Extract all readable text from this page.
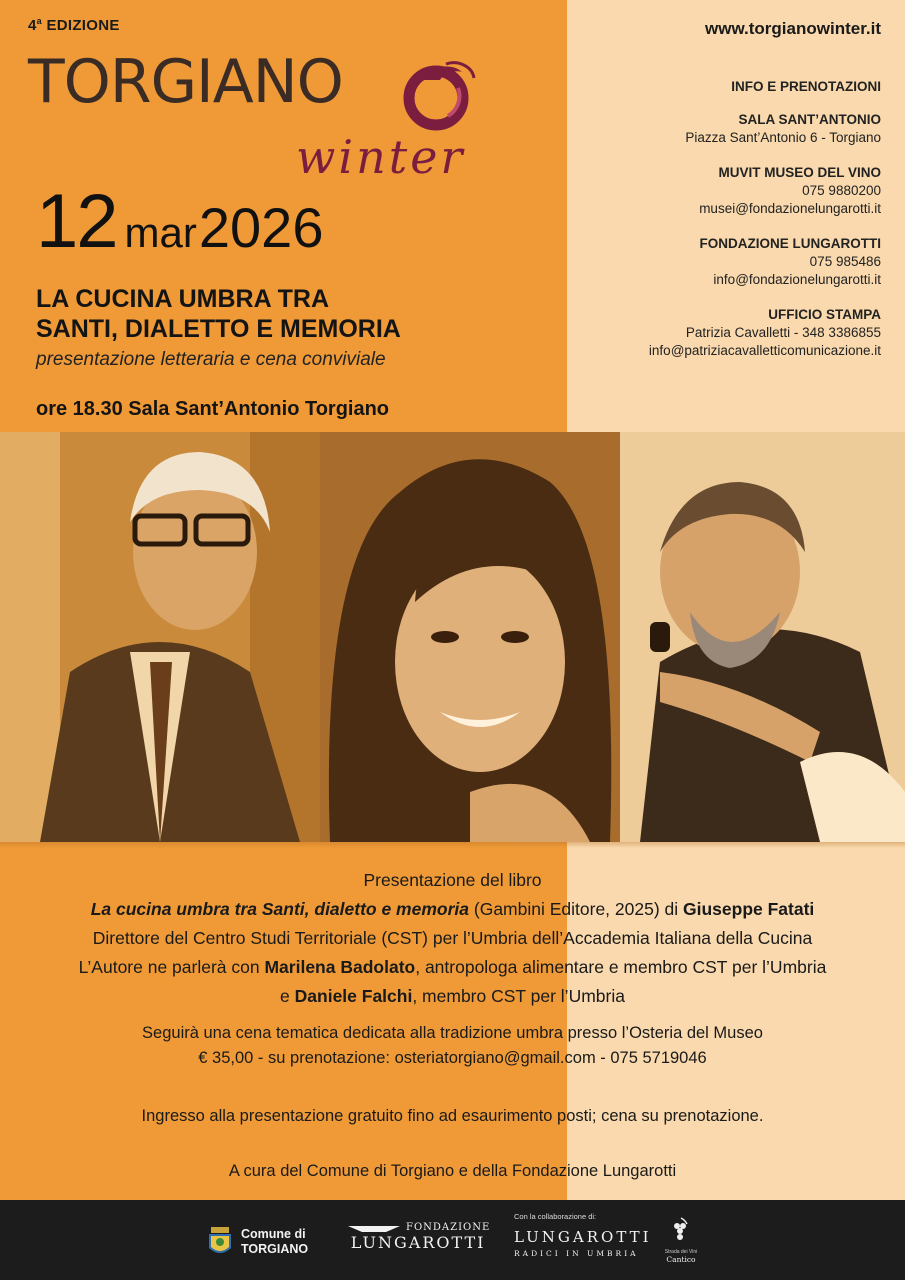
4$^a$ EDIZIONE
TORGIANO
winter
12 mar 2026
LA CUCINA UMBRA TRA
SANTI, DIALETTO E MEMORIA
presentazione letteraria e cena conviviale
ore 18.30 Sala Sant’Antonio Torgiano
www.torgianowinter.it
INFO E PRENOTAZIONI
SALA SANT’ANTONIO
Piazza Sant’Antonio 6 - Torgiano
MUVIT MUSEO DEL VINO
075 9880200
musei@fondazionelungarotti.it
FONDAZIONE LUNGAROTTI
075 985486
info@fondazionelungarotti.it
UFFICIO STAMPA
Patrizia Cavalletti - 348 3386855
info@patriziacavalletticomunicazione.it
Presentazione del libro
La cucina umbra tra Santi, dialetto e memoria (Gambini Editore, 2025) di Giuseppe Fatati
Direttore del Centro Studi Territoriale (CST) per l’Umbria dell’Accademia Italiana della Cucina
L’Autore ne parlerà con Marilena Badolato, antropologa alimentare e membro CST per l’Umbria
e Daniele Falchi, membro CST per l’Umbria
Seguirà una cena tematica dedicata alla tradizione umbra presso l’Osteria del Museo
€ 35,00 - su prenotazione: osteriatorgiano@gmail.com - 075 5719046
Ingresso alla presentazione gratuito fino ad esaurimento posti; cena su prenotazione.
A cura del Comune di Torgiano e della Fondazione Lungarotti
Comune di
TORGIANO
FONDAZIONE
LUNGAROTTI
Con la collaborazione di:
LUNGAROTTI
RADICI IN UMBRIA	Strada dei Vini
Cantico
